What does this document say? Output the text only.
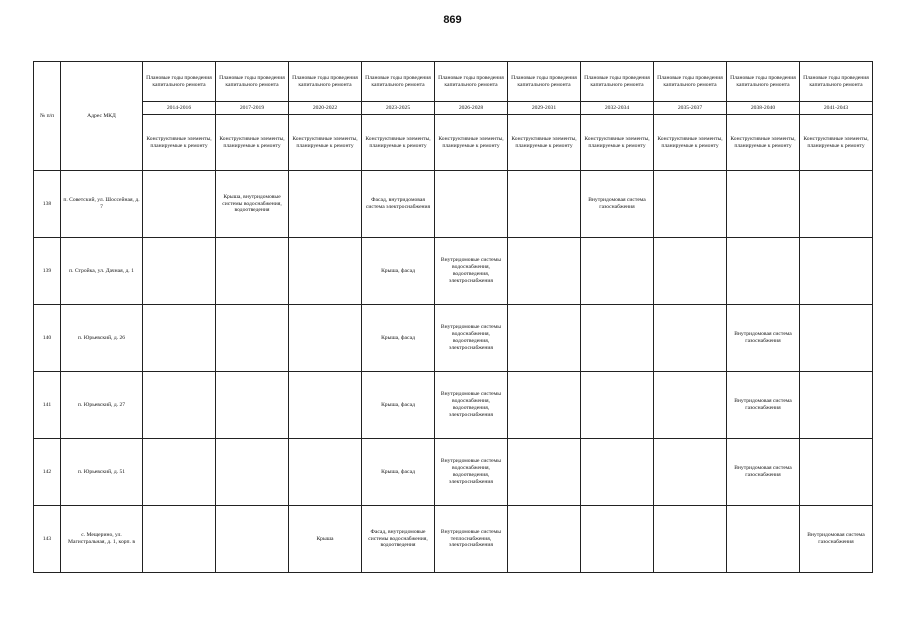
869
№ п/п	Адрес МКД	Плановые годы проведения капитального ремонта	Плановые годы проведения капитального ремонта	Плановые годы проведения капитального ремонта	Плановые годы проведения капитального ремонта	Плановые годы проведения капитального ремонта	Плановые годы проведения капитального ремонта	Плановые годы проведения капитального ремонта	Плановые годы проведения капитального ремонта	Плановые годы проведения капитального ремонта	Плановые годы проведения капитального ремонта
		2014-2016	2017-2019	2020-2022	2023-2025	2026-2028	2029-2031	2032-2034	2035-2037	2038-2040	2041-2043
		Конструктивные элементы, планируемые к ремонту	Конструктивные элементы, планируемые к ремонту	Конструктивные элементы, планируемые к ремонту	Конструктивные элементы, планируемые к ремонту	Конструктивные элементы, планируемые к ремонту	Конструктивные элементы, планируемые к ремонту	Конструктивные элементы, планируемые к ремонту	Конструктивные элементы, планируемые к ремонту	Конструктивные элементы, планируемые к ремонту	Конструктивные элементы, планируемые к ремонту
138	п. Советский, ул. Шоссейная, д. 7		Крыша, внутридомовые системы водоснабжения, водоотведения		Фасад, внутридомовая система электроснабжения			Внутридомовая система газоснабжения			
139	п. Стройка, ул. Дачная, д. 1				Крыша, фасад	Внутридомовые системы водоснабжения, водоотведения, электроснабжения					
140	п. Юрьевский, д. 26				Крыша, фасад	Внутридомовые системы водоснабжения, водоотведения, электроснабжения				Внутридомовая система газоснабжения	
141	п. Юрьевский, д. 27				Крыша, фасад	Внутридомовые системы водоснабжения, водоотведения, электроснабжения				Внутридомовая система газоснабжения	
142	п. Юрьевский, д. 51				Крыша, фасад	Внутридомовые системы водоснабжения, водоотведения, электроснабжения				Внутридомовая система газоснабжения	
143	с. Мещерино, ул. Магистральная, д. 1, корп. в			Крыша	Фасад, внутридомовые системы водоснабжения, водоотведения	Внутридомовые системы теплоснабжения, электроснабжения					Внутридомовая система газоснабжения
